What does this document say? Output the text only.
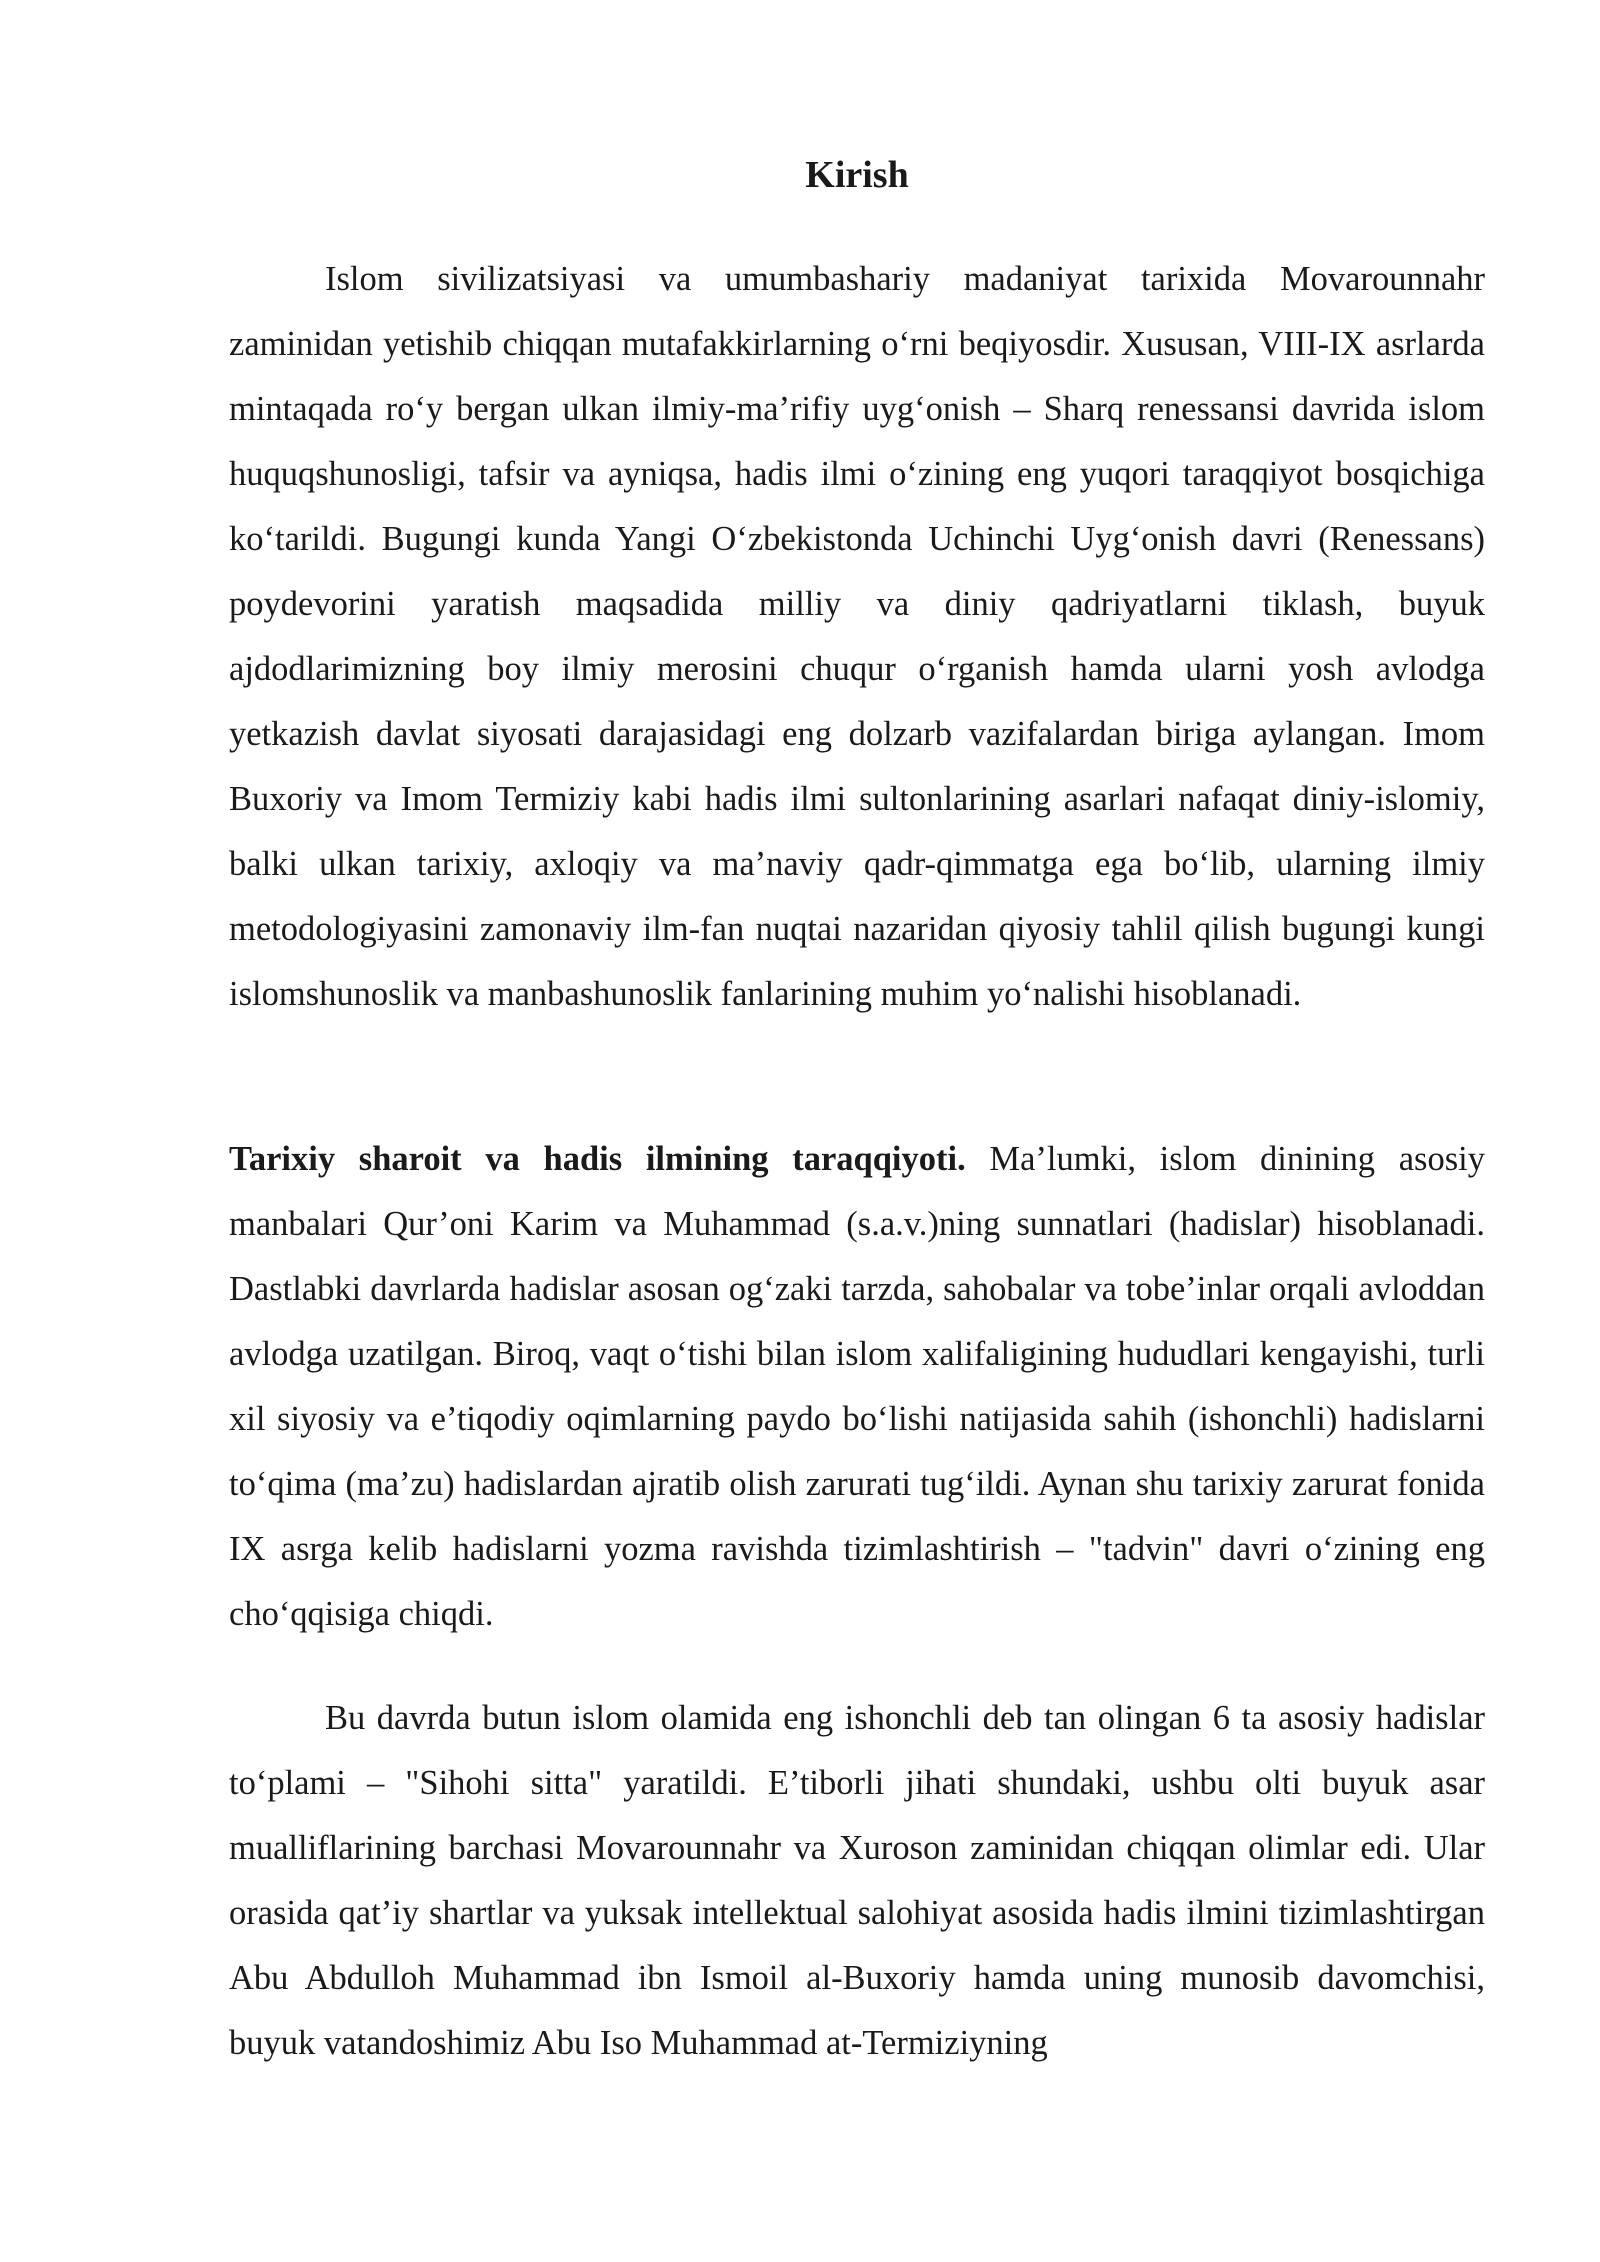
Kirish

Islom sivilizatsiyasi va umumbashariy madaniyat tarixida Movarounnahr zaminidan yetishib chiqqan mutafakkirlarning o‘rni beqiyosdir. Xususan, VIII-IX asrlarda mintaqada ro‘y bergan ulkan ilmiy-ma’rifiy uyg‘onish – Sharq renessansi davrida islom huquqshunosligi, tafsir va ayniqsa, hadis ilmi o‘zining eng yuqori taraqqiyot bosqichiga ko‘tarildi. Bugungi kunda Yangi O‘zbekistonda Uchinchi Uyg‘onish davri (Renessans) poydevorini yaratish maqsadida milliy va diniy qadriyatlarni tiklash, buyuk ajdodlarimizning boy ilmiy merosini chuqur o‘rganish hamda ularni yosh avlodga yetkazish davlat siyosati darajasidagi eng dolzarb vazifalardan biriga aylangan. Imom Buxoriy va Imom Termiziy kabi hadis ilmi sultonlarining asarlari nafaqat diniy-islomiy, balki ulkan tarixiy, axloqiy va ma’naviy qadr-qimmatga ega bo‘lib, ularning ilmiy metodologiyasini zamonaviy ilm-fan nuqtai nazaridan qiyosiy tahlil qilish bugungi kungi islomshunoslik va manbashunoslik fanlarining muhim yo‘nalishi hisoblanadi.

Tarixiy sharoit va hadis ilmining taraqqiyoti. Ma’lumki, islom dinining asosiy manbalari Qur’oni Karim va Muhammad (s.a.v.)ning sunnatlari (hadislar) hisoblanadi. Dastlabki davrlarda hadislar asosan og‘zaki tarzda, sahobalar va tobe’inlar orqali avloddan avlodga uzatilgan. Biroq, vaqt o‘tishi bilan islom xalifaligining hududlari kengayishi, turli xil siyosiy va e’tiqodiy oqimlarning paydo bo‘lishi natijasida sahih (ishonchli) hadislarni to‘qima (ma’zu) hadislardan ajratib olish zarurati tug‘ildi. Aynan shu tarixiy zarurat fonida IX asrga kelib hadislarni yozma ravishda tizimlashtirish – "tadvin" davri o‘zining eng cho‘qqisiga chiqdi.

Bu davrda butun islom olamida eng ishonchli deb tan olingan 6 ta asosiy hadislar to‘plami – "Sihohi sitta" yaratildi. E’tiborli jihati shundaki, ushbu olti buyuk asar mualliflarining barchasi Movarounnahr va Xuroson zaminidan chiqqan olimlar edi. Ular orasida qat’iy shartlar va yuksak intellektual salohiyat asosida hadis ilmini tizimlashtirgan Abu Abdulloh Muhammad ibn Ismoil al-Buxoriy hamda uning munosib davomchisi, buyuk vatandoshimiz Abu Iso Muhammad at-Termiziyning
